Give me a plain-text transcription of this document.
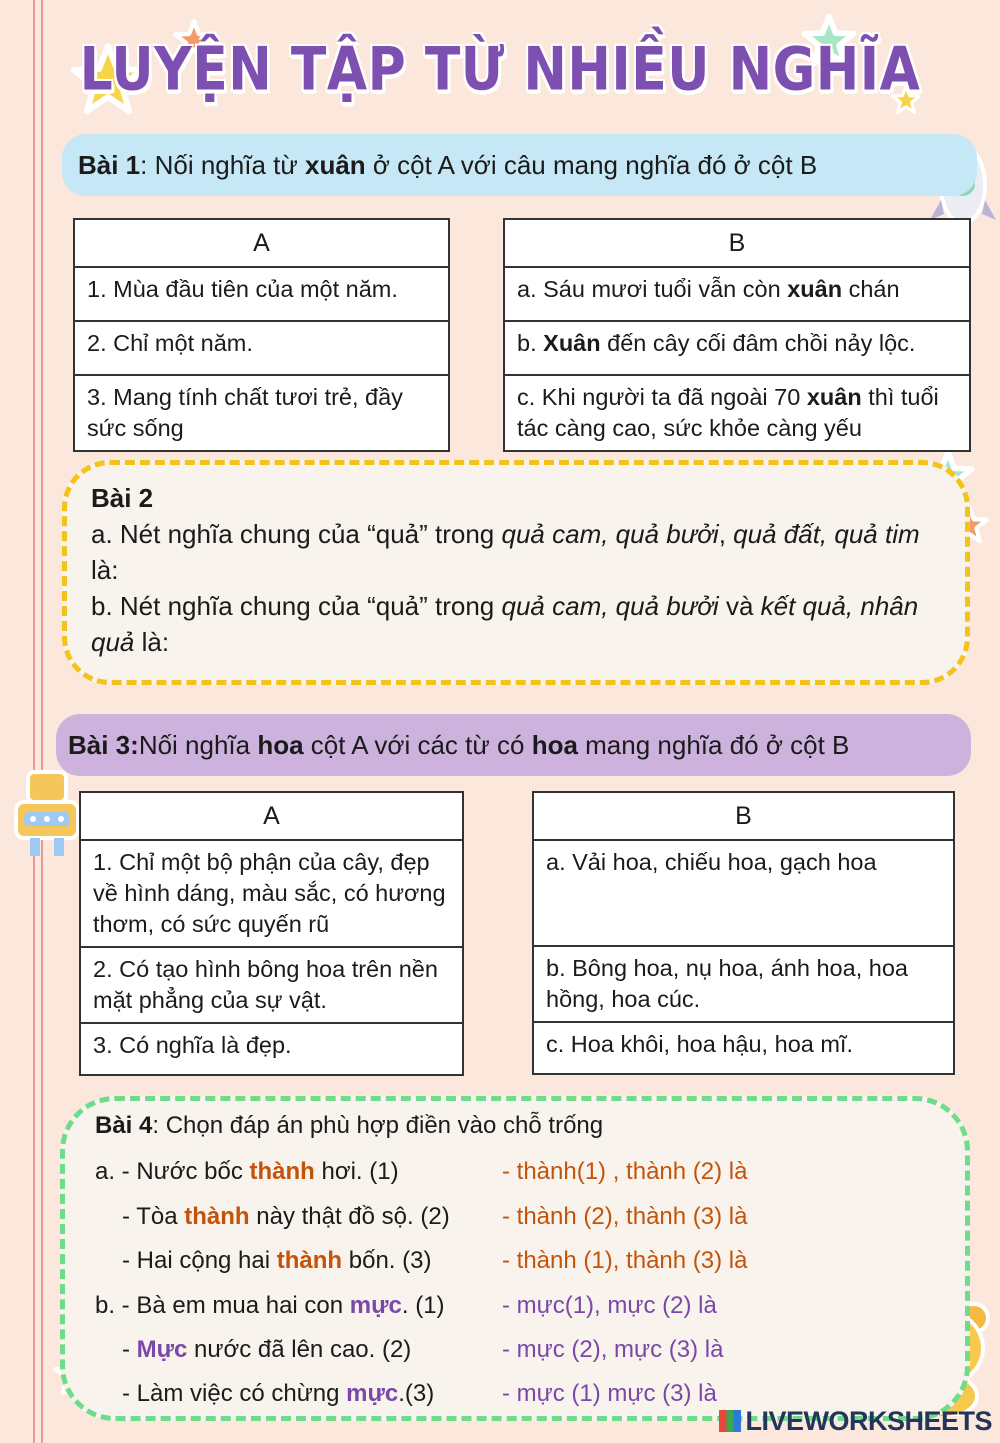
LUYỆN TẬP TỪ NHIỀU NGHĨA
Bài 1: Nối nghĩa từ xuân ở cột A với câu mang nghĩa đó ở cột B
A
1. Mùa đầu tiên của một năm.
2. Chỉ một năm.
3. Mang tính chất tươi trẻ, đầy sức sống
B
a. Sáu mươi tuổi vẫn còn xuân chán
b. Xuân đến cây cối đâm chồi nảy lộc.
c. Khi người ta đã ngoài 70 xuân thì tuổi tác càng cao, sức khỏe càng yếu
Bài 2
a. Nét nghĩa chung của “quả” trong quả cam, quả bưởi, quả đất, quả tim là:
b. Nét nghĩa chung của “quả” trong quả cam, quả bưởi và kết quả, nhân quả là:
Bài 3:Nối nghĩa hoa cột A với các từ có hoa mang nghĩa đó ở cột B
A
1. Chỉ một bộ phận của cây, đẹp về hình dáng, màu sắc, có hương thơm, có sức quyến rũ
2. Có tạo hình bông hoa trên nền mặt phẳng của sự vật.
3. Có nghĩa là đẹp.
B
a. Vải hoa, chiếu hoa, gạch hoa
b. Bông hoa, nụ hoa, ánh hoa, hoa hồng, hoa cúc.
c. Hoa khôi, hoa hậu, hoa mĩ.
Bài 4: Chọn đáp án phù hợp điền vào chỗ trống
a. - Nước bốc thành hơi. (1)	- thành(1) , thành (2) là
- Tòa thành này thật đồ sộ. (2) - thành (2), thành (3) là
- Hai cộng hai thành bốn. (3)	- thành (1), thành (3) là
b. - Bà em mua hai con mực. (1) - mực(1), mực (2) là
- Mực nước đã lên cao. (2)	- mực (2), mực (3) là
- Làm việc có chừng mực.(3)	- mực (1) mực (3) là
LIVEWORKSHEETS
